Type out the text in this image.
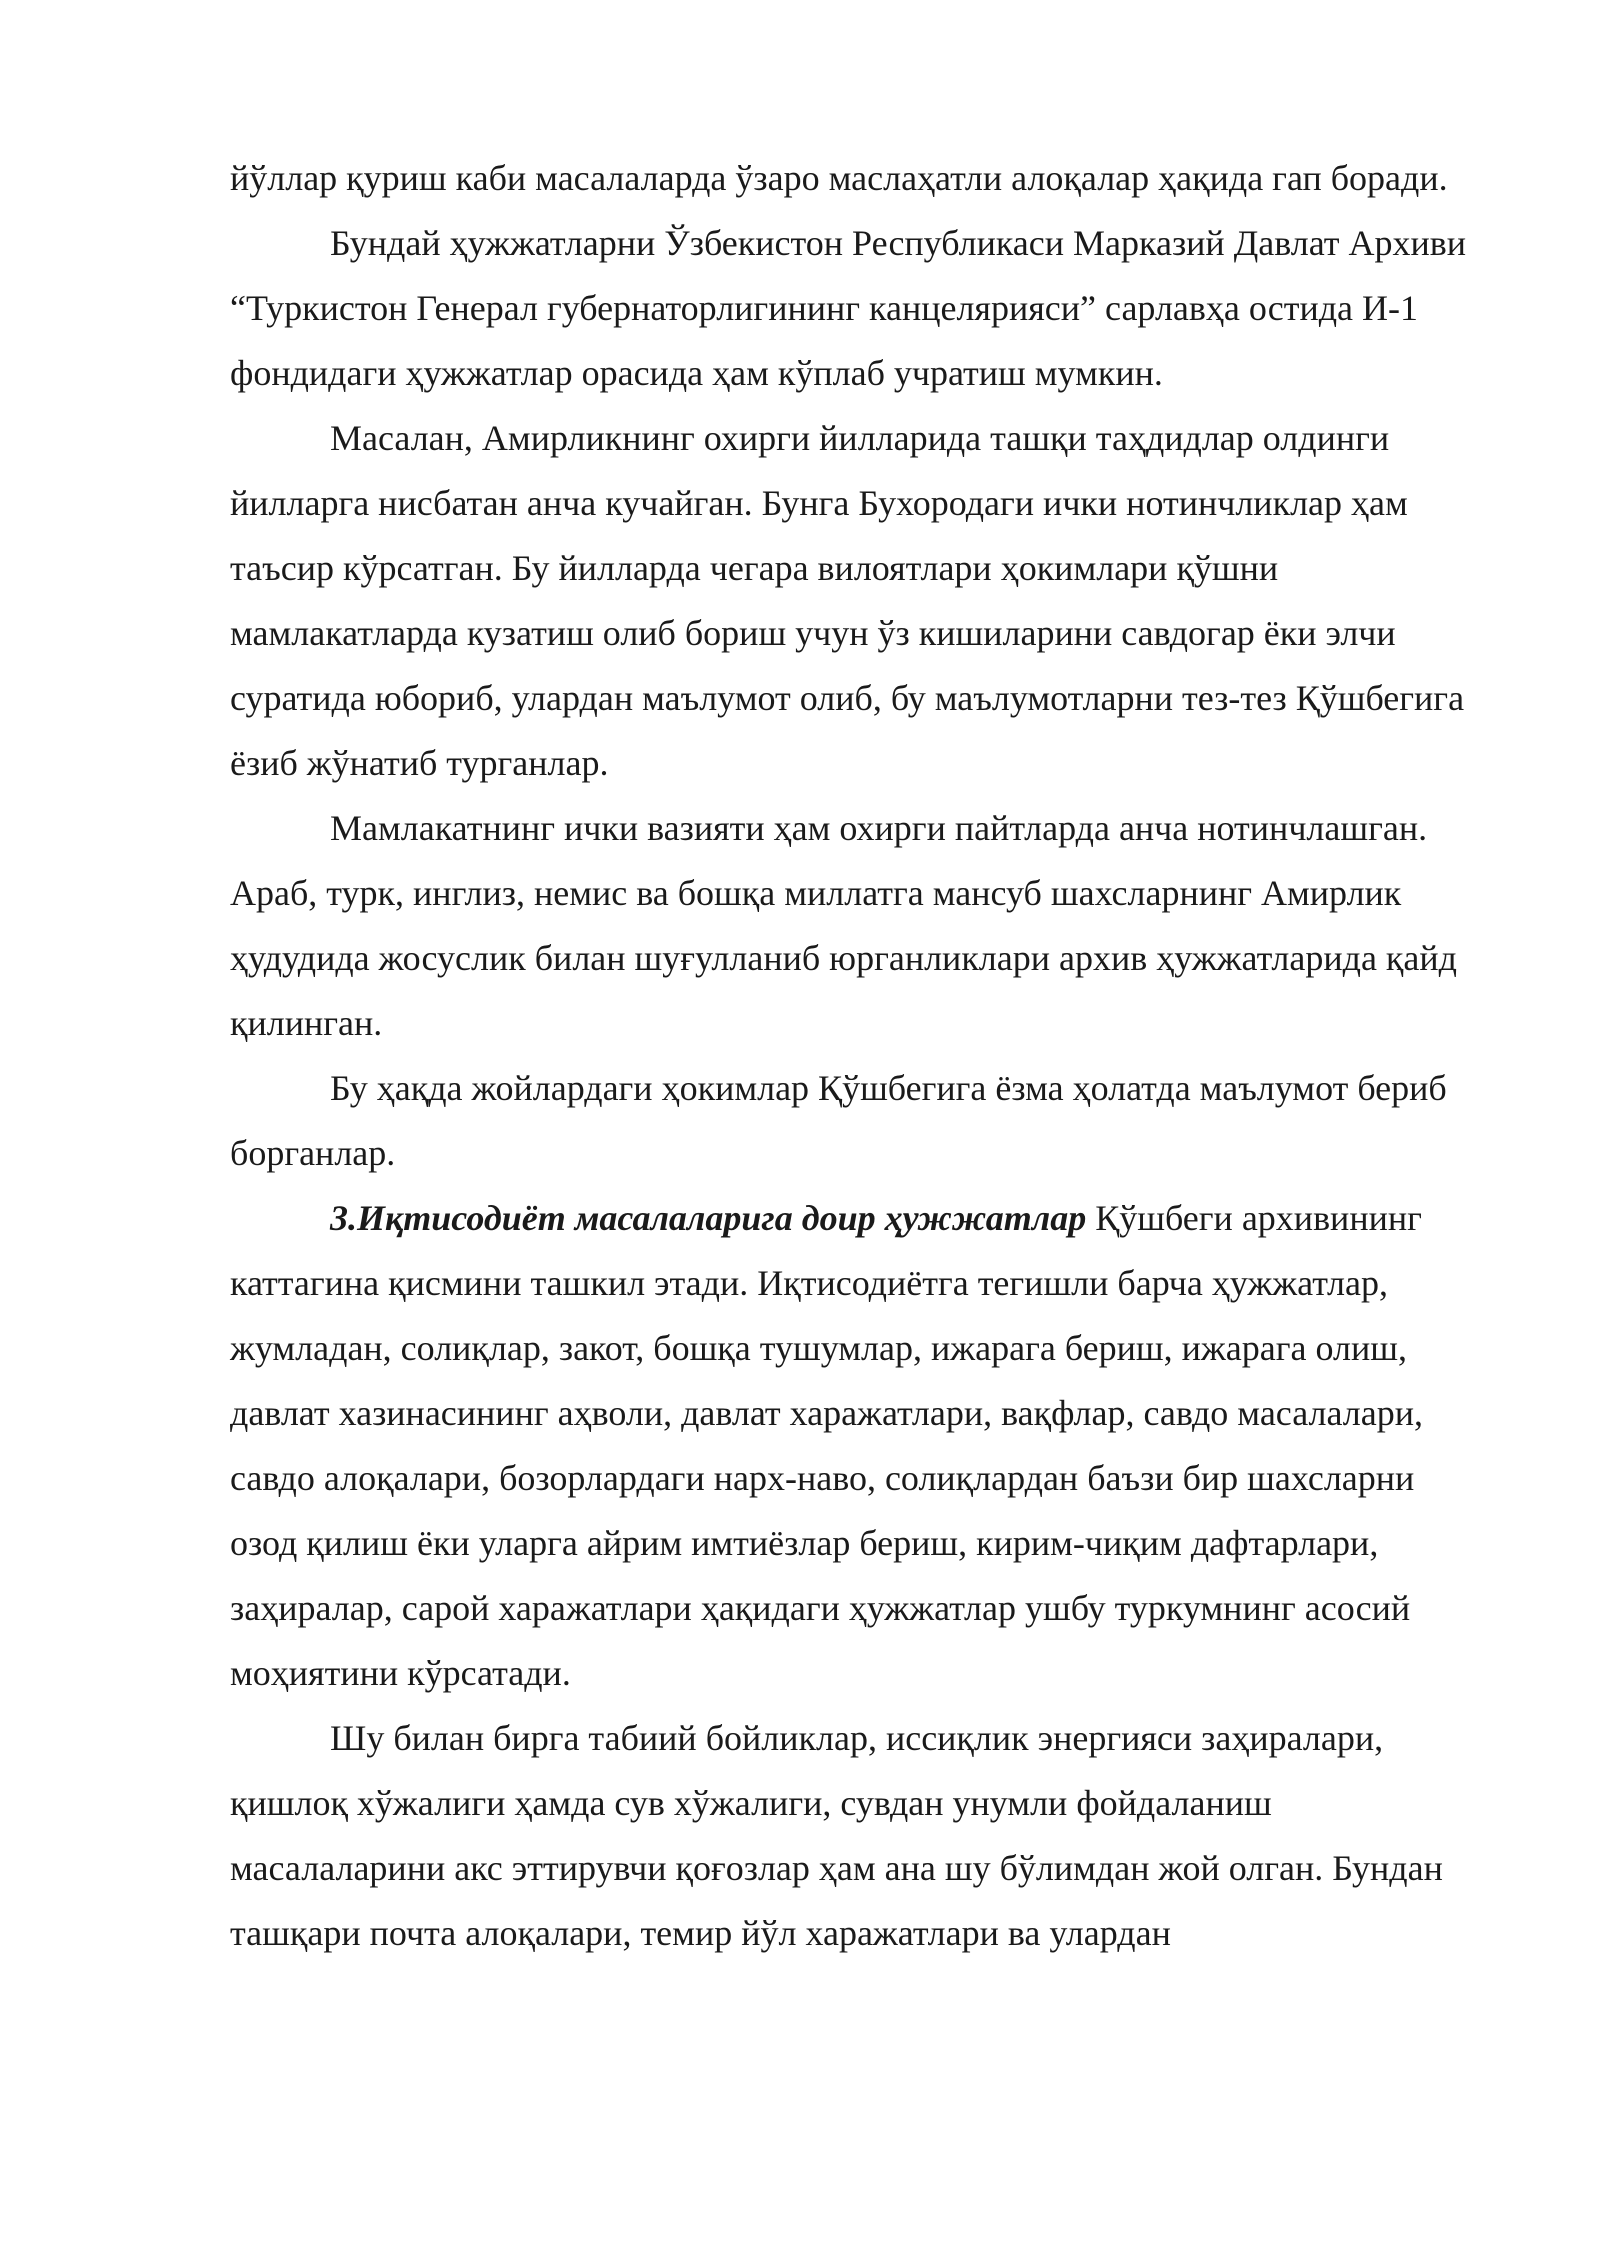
йўллар қуриш каби масалаларда ўзаро маслаҳатли алоқалар ҳақида гап боради.

Бундай ҳужжатларни Ўзбекистон Республикаси Марказий Давлат Архиви “Туркистон Генерал губернаторлигининг канцелярияси” сарлавҳа остида И-1 фондидаги ҳужжатлар орасида ҳам кўплаб учратиш мумкин.

Масалан, Амирликнинг охирги йилларида ташқи таҳдидлар олдинги йилларга нисбатан анча кучайган. Бунга Бухородаги ички нотинчликлар ҳам таъсир кўрсатган. Бу йилларда чегара вилоятлари ҳокимлари қўшни мамлакатларда кузатиш олиб бориш учун ўз кишиларини савдогар ёки элчи суратида юбориб, улардан маълумот олиб, бу маълумотларни тез-тез Қўшбегига ёзиб жўнатиб турганлар.

Мамлакатнинг ички вазияти ҳам охирги пайтларда анча нотинчлашган. Араб, турк, инглиз, немис ва бошқа миллатга мансуб шахсларнинг Амирлик ҳудудида жосуслик билан шуғулланиб юрганликлари архив ҳужжатларида қайд қилинган.

Бу ҳақда жойлардаги ҳокимлар Қўшбегига ёзма ҳолатда маълумот бериб борганлар.

3.Иқтисодиёт масалаларига доир ҳужжатлар Қўшбеги архивининг каттагина қисмини ташкил этади. Иқтисодиётга тегишли барча ҳужжатлар, жумладан, солиқлар, закот, бошқа тушумлар, ижарага бериш, ижарага олиш, давлат хазинасининг аҳволи, давлат харажатлари, вақфлар, савдо масалалари, савдо алоқалари, бозорлардаги нарх-наво, солиқлардан баъзи бир шахсларни озод қилиш ёки уларга айрим имтиёзлар бериш, кирим-чиқим дафтарлари, заҳиралар, сарой харажатлари ҳақидаги ҳужжатлар ушбу туркумнинг асосий моҳиятини кўрсатади.

Шу билан бирга табиий бойликлар, иссиқлик энергияси заҳиралари, қишлоқ хўжалиги ҳамда сув хўжалиги, сувдан унумли фойдаланиш масалаларини акс эттирувчи қоғозлар ҳам ана шу бўлимдан жой олган. Бундан ташқари почта алоқалари, темир йўл харажатлари ва улардан
